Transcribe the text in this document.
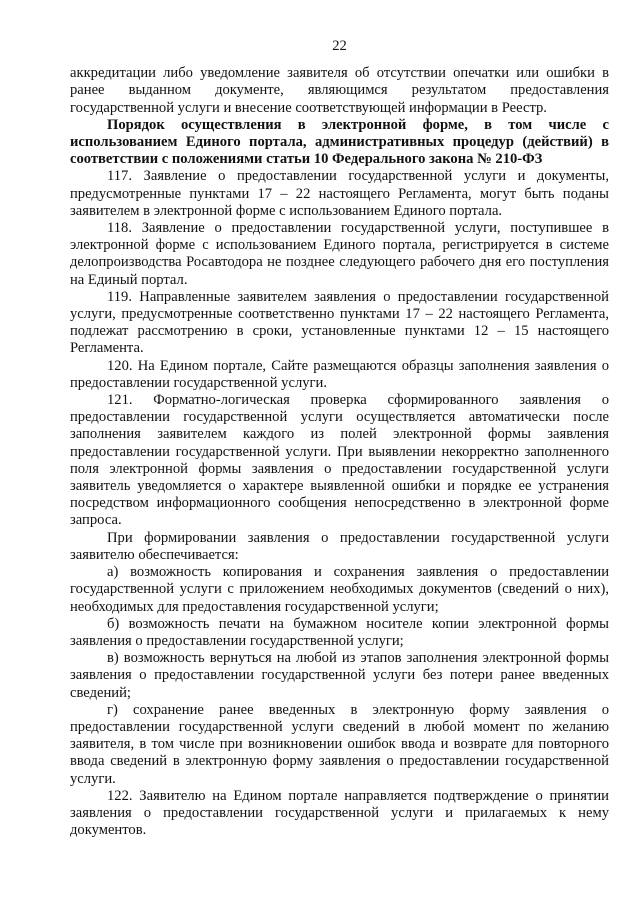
22

аккредитации либо уведомление заявителя об отсутствии опечатки или ошибки в ранее выданном документе, являющимся результатом предоставления государственной услуги и внесение соответствующей информации в Реестр.

Порядок осуществления в электронной форме, в том числе с использованием Единого портала, административных процедур (действий) в соответствии с положениями статьи 10 Федерального закона № 210-ФЗ

117. Заявление о предоставлении государственной услуги и документы, предусмотренные пунктами 17 – 22 настоящего Регламента, могут быть поданы заявителем в электронной форме с использованием Единого портала.

118. Заявление о предоставлении государственной услуги, поступившее в электронной форме с использованием Единого портала, регистрируется в системе делопроизводства Росавтодора не позднее следующего рабочего дня его поступления на Единый портал.

119. Направленные заявителем заявления о предоставлении государственной услуги, предусмотренные соответственно пунктами 17 – 22 настоящего Регламента, подлежат рассмотрению в сроки, установленные пунктами 12 – 15 настоящего Регламента.

120. На Едином портале, Сайте размещаются образцы заполнения заявления о предоставлении государственной услуги.

121. Форматно-логическая проверка сформированного заявления о предоставлении государственной услуги осуществляется автоматически после заполнения заявителем каждого из полей электронной формы заявления предоставлении государственной услуги. При выявлении некорректно заполненного поля электронной формы заявления о предоставлении государственной услуги заявитель уведомляется о характере выявленной ошибки и порядке ее устранения посредством информационного сообщения непосредственно в электронной форме запроса.

При формировании заявления о предоставлении государственной услуги заявителю обеспечивается:

а) возможность копирования и сохранения заявления о предоставлении государственной услуги с приложением необходимых документов (сведений о них), необходимых для предоставления государственной услуги;

б) возможность печати на бумажном носителе копии электронной формы заявления о предоставлении государственной услуги;

в) возможность вернуться на любой из этапов заполнения электронной формы заявления о предоставлении государственной услуги без потери ранее введенных сведений;

г) сохранение ранее введенных в электронную форму заявления о предоставлении государственной услуги сведений в любой момент по желанию заявителя, в том числе при возникновении ошибок ввода и возврате для повторного ввода сведений в электронную форму заявления о предоставлении государственной услуги.

122. Заявителю на Едином портале направляется подтверждение о принятии заявления о предоставлении государственной услуги и прилагаемых к нему документов.
